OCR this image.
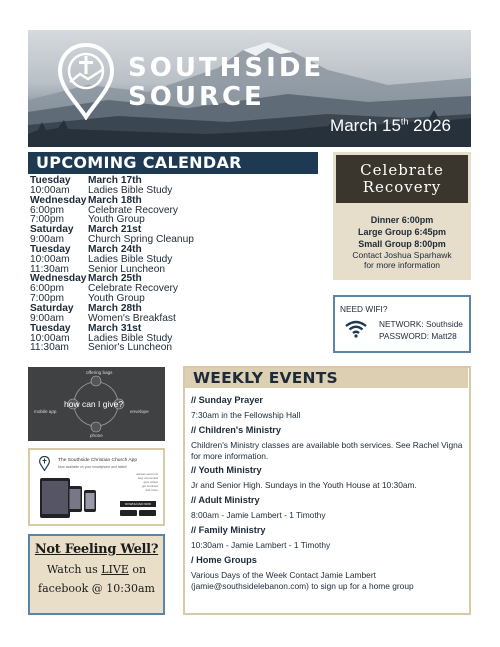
SOUTHSIDE
SOURCE
March 15th 2026
UPCOMING CALENDAR
Tuesday	March 17th
10:00am	Ladies Bible Study
Wednesday March 18th
6:00pm	Celebrate Recovery
7:00pm	Youth Group
Saturday	March 21st
9:00am	Church Spring Cleanup
Tuesday	March 24th
10:00am	Ladies Bible Study
11:30am	Senior Luncheon
Wednesday March 25th
6:00pm	Celebrate Recovery
7:00pm	Youth Group
Saturday	March 28th
9:00am	Women's Breakfast
Tuesday	March 31st
10:00am	Ladies Bible Study
11:30am	Senior's Luncheon
Celebrate
Recovery
Dinner 6:00pm
Large Group 6:45pm
Small Group 8:00pm
Contact Joshua Sparhawk
for more information
NEED WIFI?
NETWORK: Southside
PASSWORD: Matt28
how can I give?
offering bags
mobile app	envelope
phone
The Southside Christian Church App
Now available on your smartphone and tablet!
access sermons
stay connected
give online
get involved
and more
DOWNLOAD NOW
Not Feeling Well?
Watch us LIVE on
facebook @ 10:30am
WEEKLY EVENTS
// Sunday Prayer
7:30am in the Fellowship Hall
// Children's Ministry
Children's Ministry classes are available both services. See Rachel Vigna for more information.
// Youth Ministry
Jr and Senior High. Sundays in the Youth House at 10:30am.
// Adult Ministry
8:00am - Jamie Lambert - 1 Timothy
// Family Ministry
10:30am - Jamie Lambert - 1 Timothy
/ Home Groups
Various Days of the Week Contact Jamie Lambert (jamie@southsidelebanon.com) to sign up for a home group
